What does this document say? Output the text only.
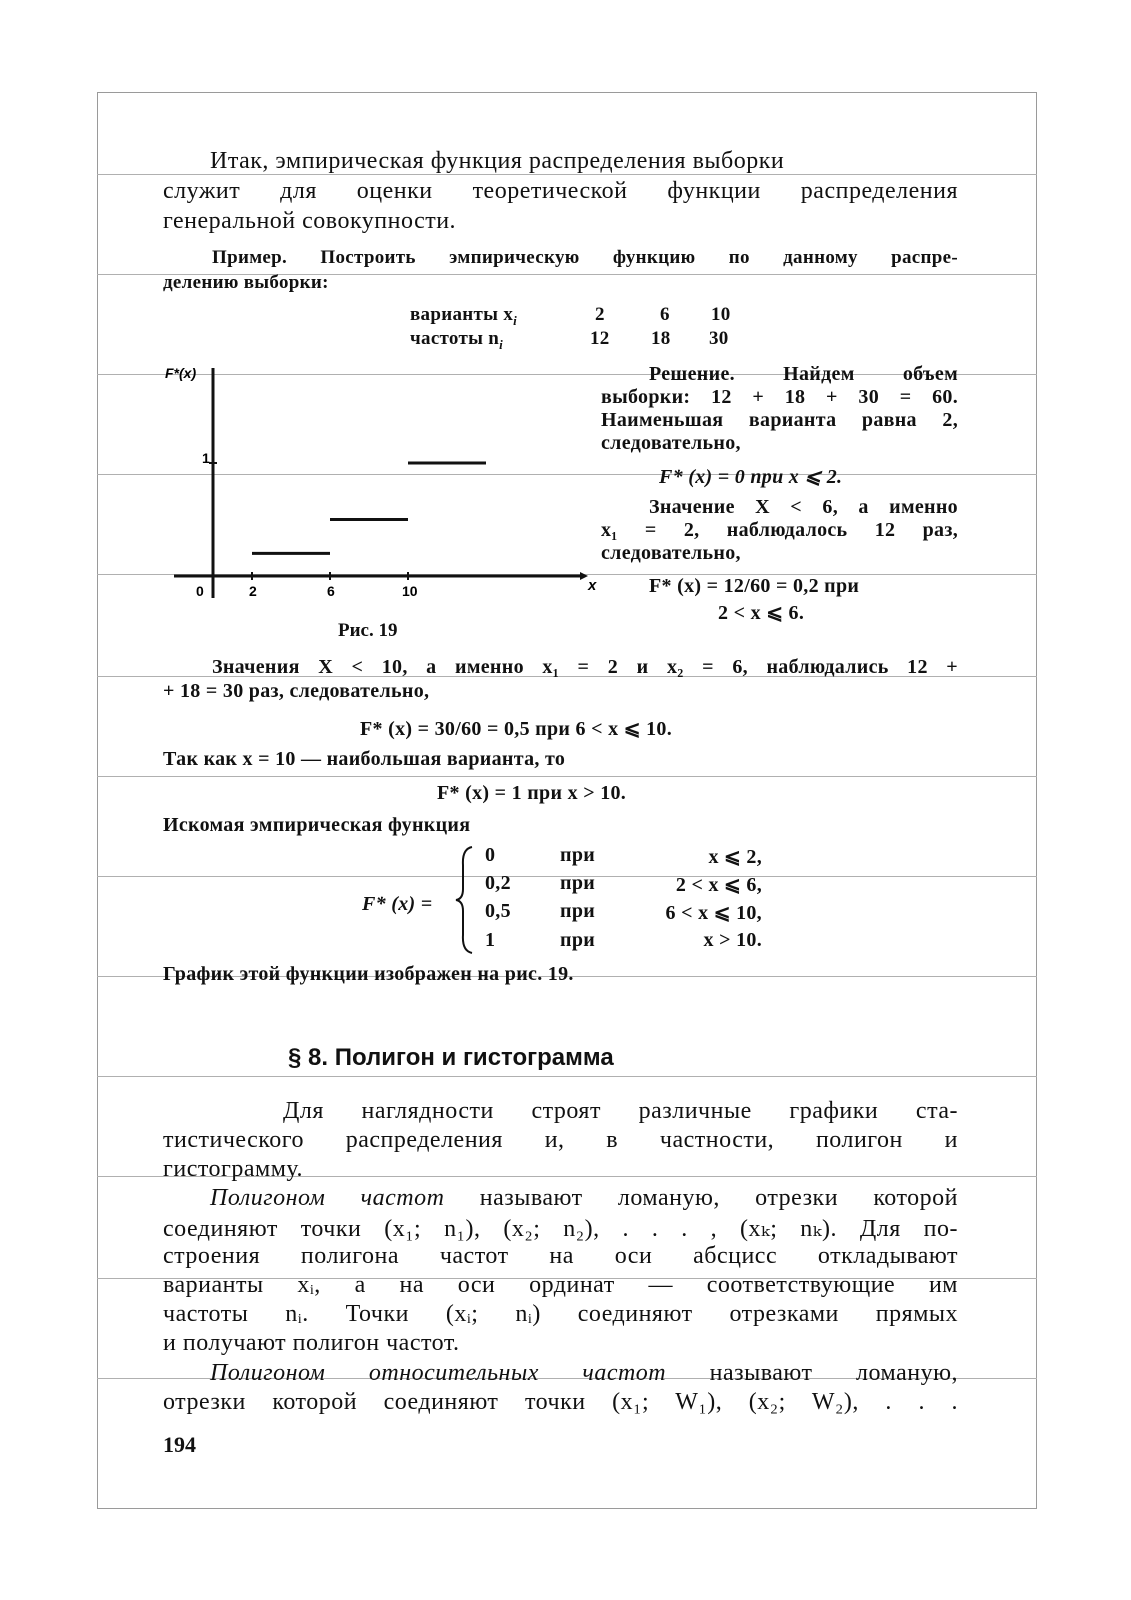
Итак, эмпирическая функция распределения выборки
служит для оценки теоретической функции распределения
генеральной совокупности.
Пример. Построить эмпирическую функцию по данному распре-
делению выборки:
варианты $x_i$	2	6 10
частоты $n_i$	12 18 30
F*(x)
1
0	x
2	6	10
Рис. 19
Решение. Найдем объем
выборки: 12 + 18 + 30 = 60.
Наименьшая варианта равна 2,
следовательно,
F* (x) = 0 при x ⩽ 2.
Значение X < 6, а именно
x₁ = 2, наблюдалось 12 раз,
следовательно,
F* (x) = 12/60 = 0,2 при
2 < x ⩽ 6.
Значения X < 10, а именно x₁ = 2 и x₂ = 6, наблюдались 12 +
+ 18 = 30 раз, следовательно,
F* (x) = 30/60 = 0,5 при 6 < x ⩽ 10.
Так как x = 10 — наибольшая варианта, то
F* (x) = 1 при x > 10.
Искомая эмпирическая функция
F* (x) =
0	при	x ⩽ 2,
0,2 при	2 < x ⩽ 6,
0,5 при	6 < x ⩽ 10,
1	при	x > 10.
График этой функции изображен на рис. 19.
§ 8. Полигон и гистограмма
Для наглядности строят различные графики ста-
тистического распределения и, в частности, полигон и
гистограмму.
Полигоном частот называют ломаную, отрезки которой
соединяют точки (x₁; n₁), (x₂; n₂), . . . , (xₖ; nₖ). Для по-
строения полигона частот на оси абсцисс откладывают
варианты xᵢ, а на оси ординат — соответствующие им
частоты nᵢ. Точки (xᵢ; nᵢ) соединяют отрезками прямых
и получают полигон частот.
Полигоном относительных частот называют ломаную,
отрезки которой соединяют точки (x₁; W₁), (x₂; W₂), . . .
194
